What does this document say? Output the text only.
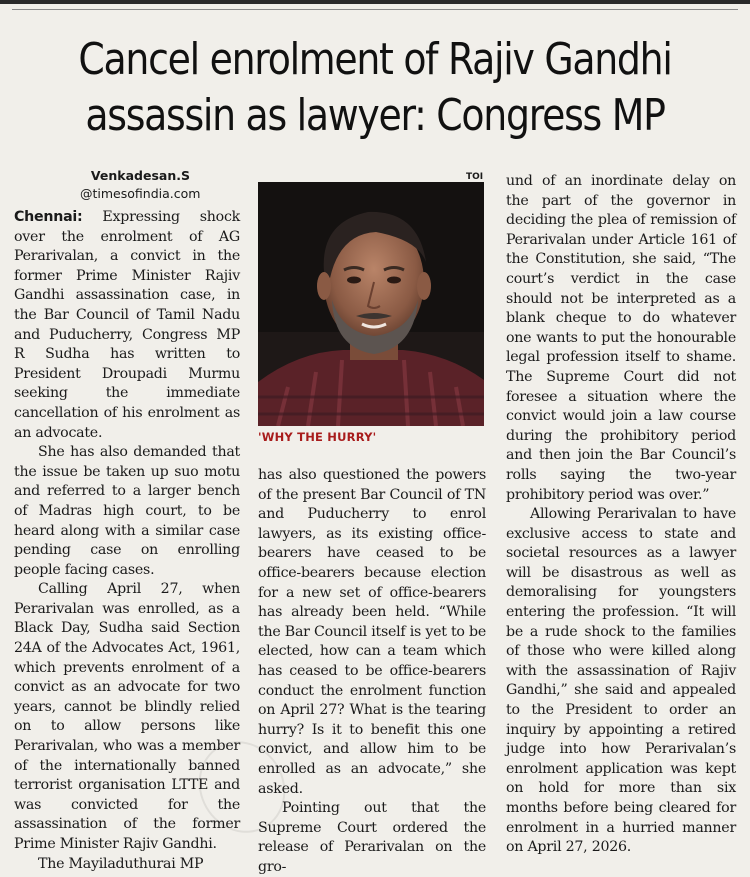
Cancel enrolment of Rajiv Gandhi
assassin as lawyer: Congress MP
Venkadesan.S
@timesofindia.com

Chennai: Expressing shock over the enrolment of AG Perarivalan, a convict in the former Prime Minister Rajiv Gandhi assassination case, in the Bar Council of Tamil Nadu and Puducherry, Congress MP R Sudha has written to President Droupadi Murmu seeking the immediate cancellation of his enrolment as an advocate.

She has also demanded that the issue be taken up suo motu and referred to a larger bench of Madras high court, to be heard along with a similar case pending case on enrolling people facing cases.

Calling April 27, when Perarivalan was enrolled, as a Black Day, Sudha said Section 24A of the Advocates Act, 1961, which prevents enrolment of a convict as an advocate for two years, cannot be blindly relied on to allow persons like Perarivalan, who was a member of the internationally banned terrorist organisation LTTE and was convicted for the assassination of the former Prime Minister Rajiv Gandhi.

The Mayiladuthurai MP

TOI
'WHY THE HURRY'

has also questioned the powers of the present Bar Council of TN and Puducherry to enrol lawyers, as its existing office-bearers have ceased to be office-bearers because election for a new set of office-bearers has already been held. “While the Bar Council itself is yet to be elected, how can a team which has ceased to be office-bearers conduct the enrolment function on April 27? What is the tearing hurry? Is it to benefit this one convict, and allow him to be enrolled as an advocate,” she asked.

Pointing out that the Supreme Court ordered the release of Perarivalan on the gro-

und of an inordinate delay on the part of the governor in deciding the plea of remission of Perarivalan under Article 161 of the Constitution, she said, “The court’s verdict in the case should not be interpreted as a blank cheque to do whatever one wants to put the honourable legal profession itself to shame. The Supreme Court did not foresee a situation where the convict would join a law course during the prohibitory period and then join the Bar Council’s rolls saying the two-year prohibitory period was over.”

Allowing Perarivalan to have exclusive access to state and societal resources as a lawyer will be disastrous as well as demoralising for youngsters entering the profession. “It will be a rude shock to the families of those who were killed along with the assassination of Rajiv Gandhi,” she said and appealed to the President to order an inquiry by appointing a retired judge into how Perarivalan’s enrolment application was kept on hold for more than six months before being cleared for enrolment in a hurried manner on April 27, 2026.
